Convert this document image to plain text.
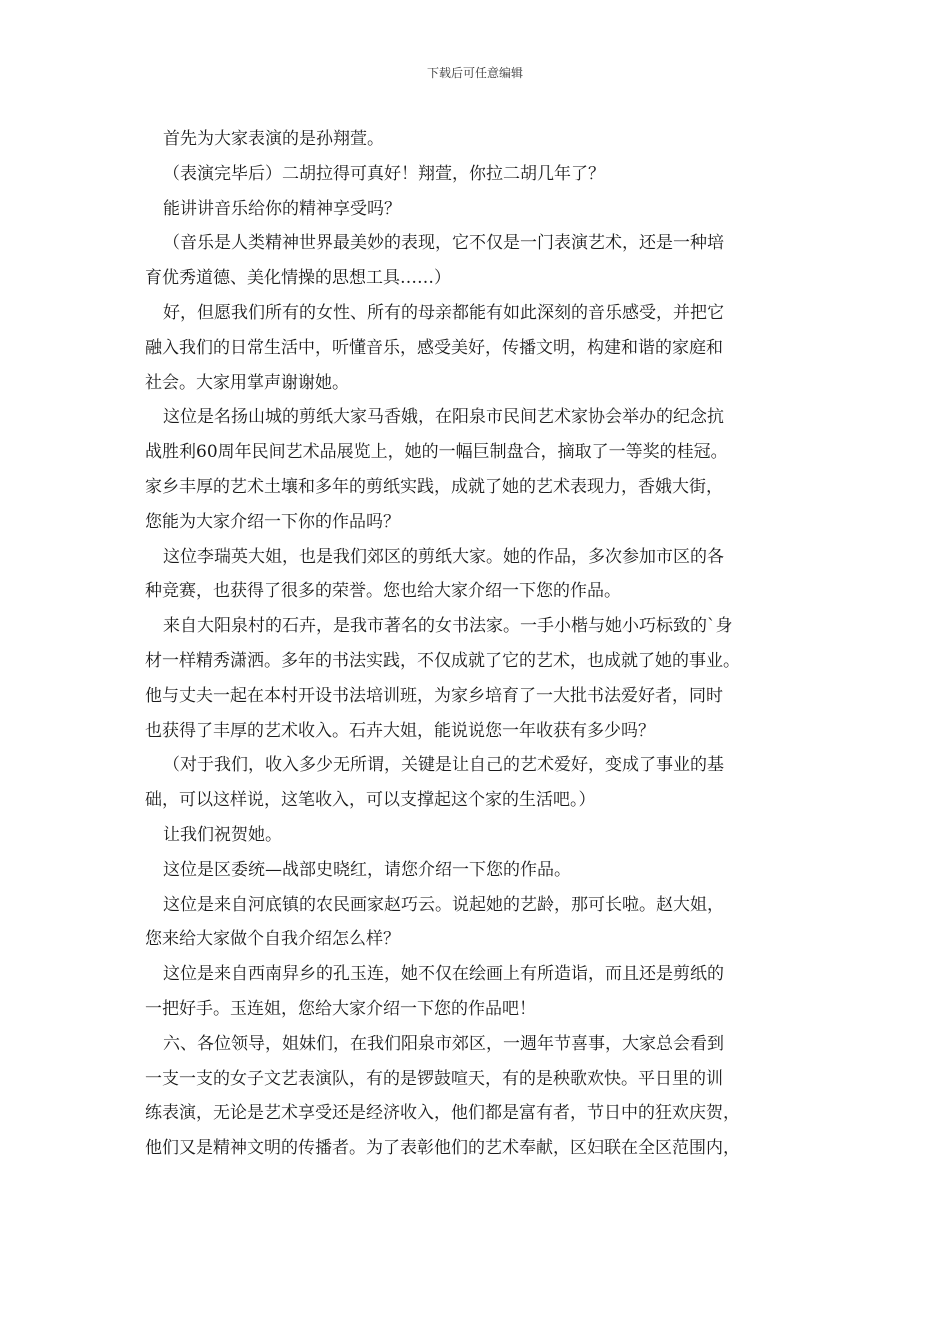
下载后可任意编辑
首先为大家表演的是孙翔萱。
（表演完毕后）二胡拉得可真好！翔萱，你拉二胡几年了？
能讲讲音乐给你的精神享受吗？
（音乐是人类精神世界最美妙的表现，它不仅是一门表演艺术，还是一种培
育优秀道德、美化情操的思想工具……）
好，但愿我们所有的女性、所有的母亲都能有如此深刻的音乐感受，并把它
融入我们的日常生活中，听懂音乐，感受美好，传播文明，构建和谐的家庭和
社会。大家用掌声谢谢她。
这位是名扬山城的剪纸大家马香娥，在阳泉市民间艺术家协会举办的纪念抗
战胜利60周年民间艺术品展览上，她的一幅巨制盘合，摘取了一等奖的桂冠。
家乡丰厚的艺术土壤和多年的剪纸实践，成就了她的艺术表现力，香娥大街，
您能为大家介绍一下你的作品吗？
这位李瑞英大姐，也是我们郊区的剪纸大家。她的作品，多次参加市区的各
种竞赛，也获得了很多的荣誉。您也给大家介绍一下您的作品。
来自大阳泉村的石卉，是我市著名的女书法家。一手小楷与她小巧标致的`身
材一样精秀潇洒。多年的书法实践，不仅成就了它的艺术，也成就了她的事业。
他与丈夫一起在本村开设书法培训班，为家乡培育了一大批书法爱好者，同时
也获得了丰厚的艺术收入。石卉大姐，能说说您一年收获有多少吗？
（对于我们，收入多少无所谓，关键是让自己的艺术爱好，变成了事业的基
础，可以这样说，这笔收入，可以支撑起这个家的生活吧。）
让我们祝贺她。
这位是区委统—战部史晓红，请您介绍一下您的作品。
这位是来自河底镇的农民画家赵巧云。说起她的艺龄，那可长啦。赵大姐，
您来给大家做个自我介绍怎么样？
这位是来自西南舁乡的孔玉连，她不仅在绘画上有所造诣，而且还是剪纸的
一把好手。玉连姐，您给大家介绍一下您的作品吧！
六、各位领导，姐妹们，在我们阳泉市郊区，一週年节喜事，大家总会看到
一支一支的女子文艺表演队，有的是锣鼓喧天，有的是秧歌欢快。平日里的训
练表演，无论是艺术享受还是经济收入，他们都是富有者，节日中的狂欢庆贺，
他们又是精神文明的传播者。为了表彰他们的艺术奉献，区妇联在全区范围内，
